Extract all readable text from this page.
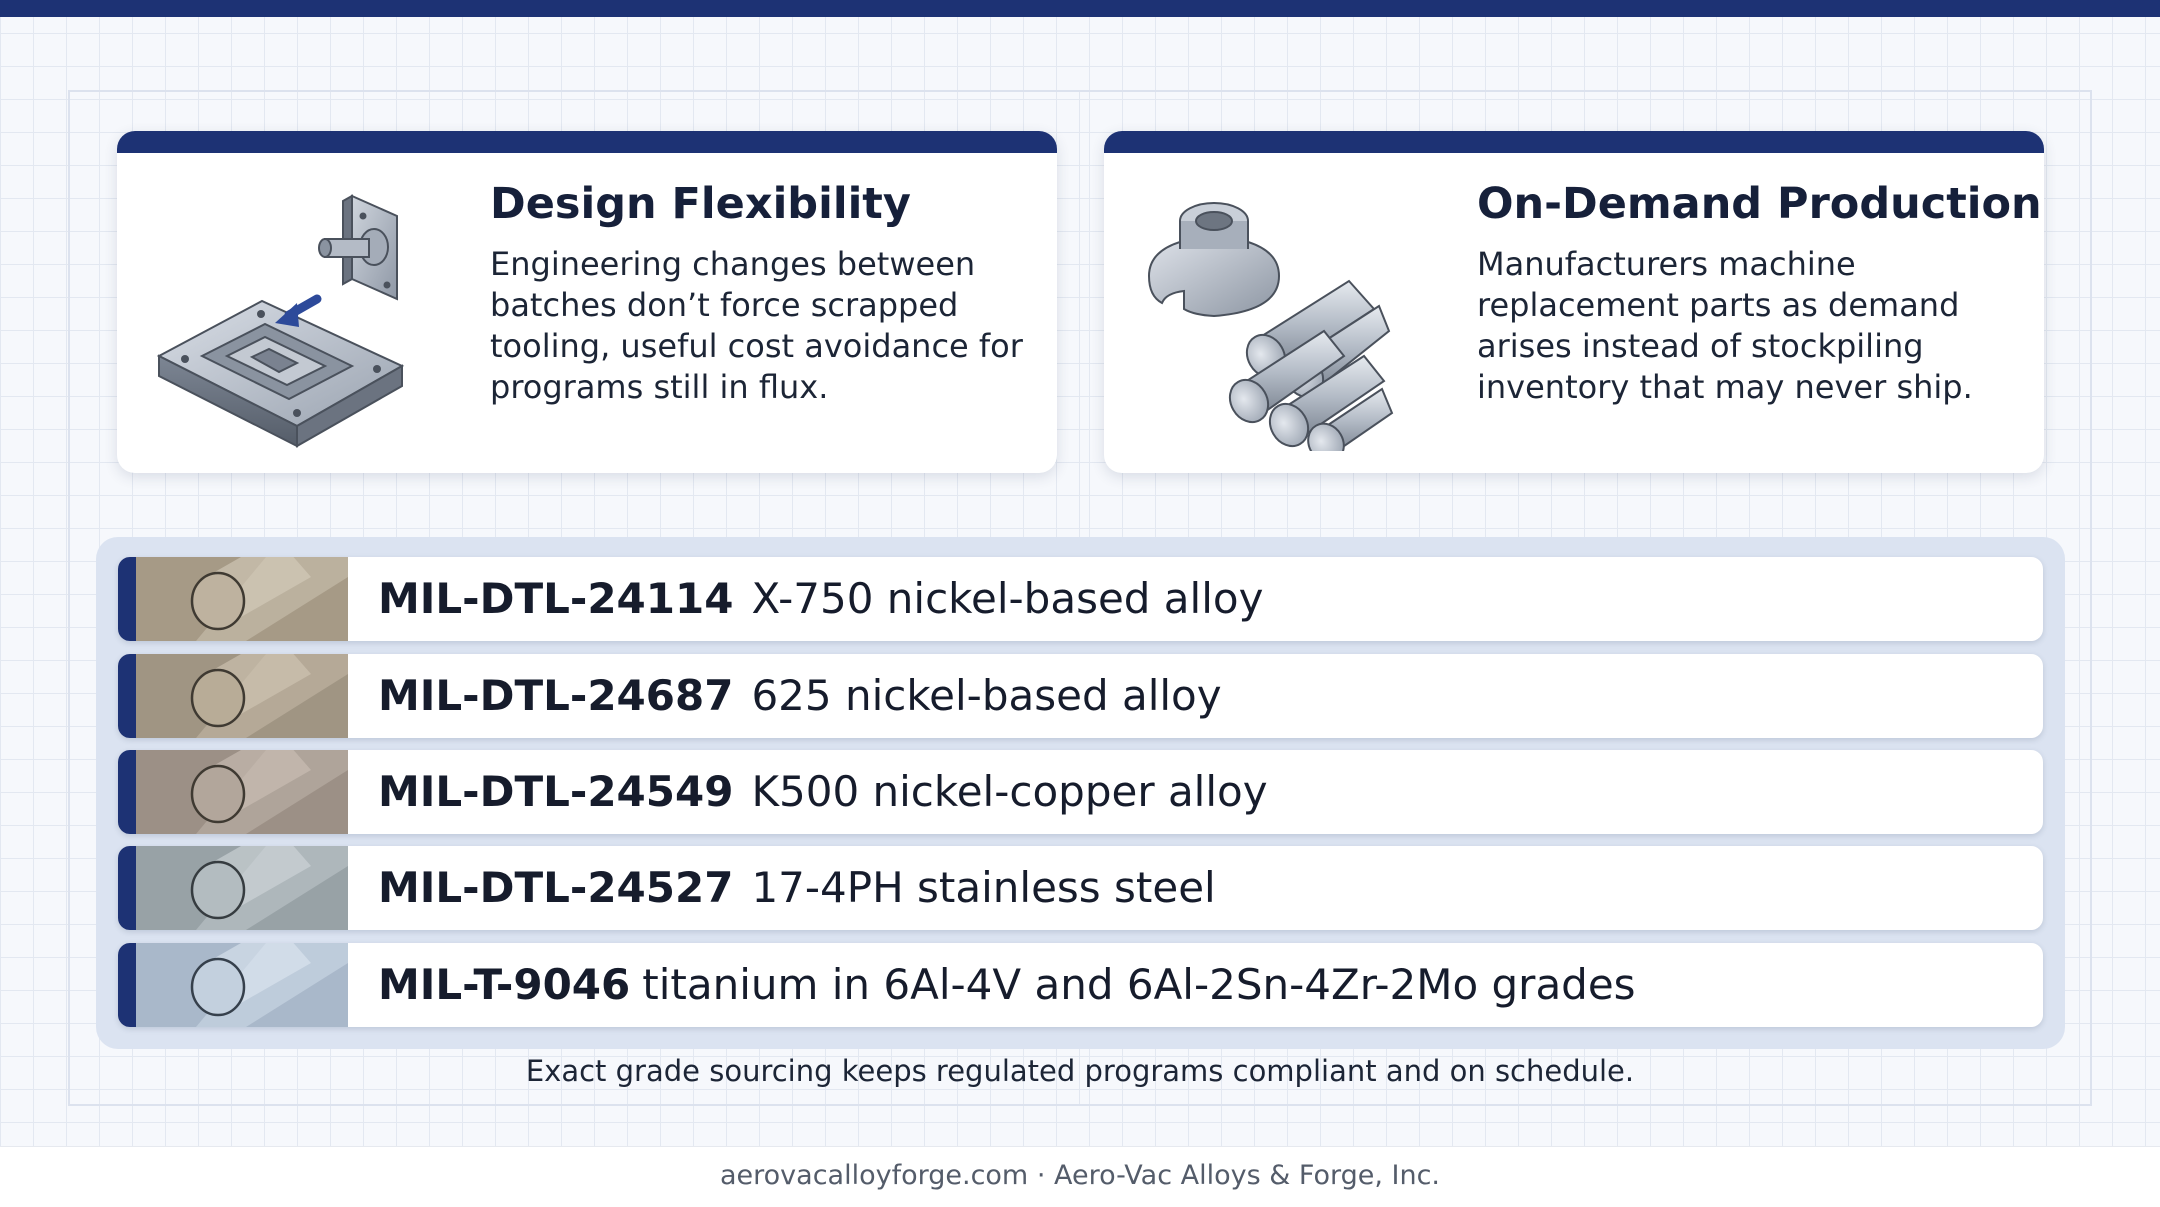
Design Flexibility

Engineering changes between batches don’t force scrapped tooling, useful cost avoidance for programs still in flux.

On-Demand Production

Manufacturers machine replacement parts as demand arises instead of stockpiling inventory that may never ship.

MIL-DTL-24114 X-750 nickel-based alloy
MIL-DTL-24687 625 nickel-based alloy
MIL-DTL-24549 K500 nickel-copper alloy
MIL-DTL-24527 17-4PH stainless steel
MIL-T-9046 titanium in 6Al-4V and 6Al-2Sn-4Zr-2Mo grades
Exact grade sourcing keeps regulated programs compliant and on schedule.
aerovacalloyforge.com · Aero-Vac Alloys & Forge, Inc.
